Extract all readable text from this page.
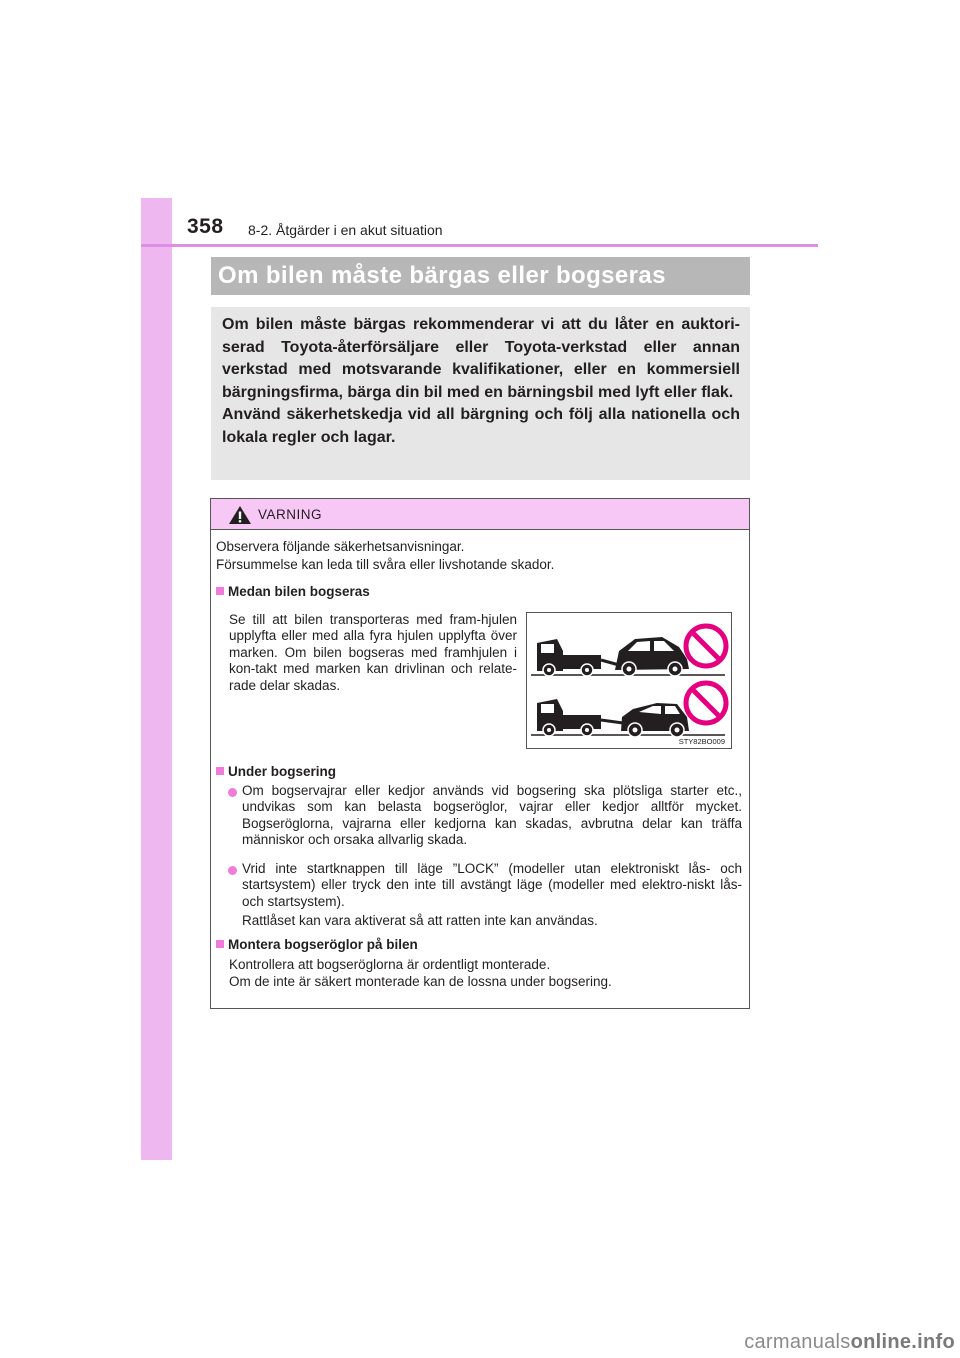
358 8-2. Åtgärder i en akut situation
Om bilen måste bärgas eller bogseras

Om bilen måste bärgas rekommenderar vi att du låter en auktori-serad Toyota-återförsäljare eller Toyota-verkstad eller annan verkstad med motsvarande kvalifikationer, eller en kommersiell bärgningsfirma, bärga din bil med en bärningsbil med lyft eller flak.

Använd säkerhetskedja vid all bärgning och följ alla nationella och lokala regler och lagar.

VARNING
Observera följande säkerhetsanvisningar.
Försummelse kan leda till svåra eller livshotande skador.
Medan bilen bogseras

Se till att bilen transporteras med fram-hjulen upplyfta eller med alla fyra hjulen upplyfta över marken. Om bilen bogseras med framhjulen i kon-takt med marken kan drivlinan och relate-rade delar skadas.

STY82BO009
Under bogsering

Om bogservajrar eller kedjor används vid bogsering ska plötsliga starter etc., undvikas som kan belasta bogseröglor, vajrar eller kedjor alltför mycket. Bogseröglorna, vajrarna eller kedjorna kan skadas, avbrutna delar kan träffa människor och orsaka allvarlig skada.

Vrid inte startknappen till läge ”LOCK” (modeller utan elektroniskt lås- och startsystem) eller tryck den inte till avstängt läge (modeller med elektro-niskt lås- och startsystem).

Rattlåset kan vara aktiverat så att ratten inte kan användas.

Montera bogseröglor på bilen
Kontrollera att bogseröglorna är ordentligt monterade.
Om de inte är säkert monterade kan de lossna under bogsering.
carmanualsonline.info
